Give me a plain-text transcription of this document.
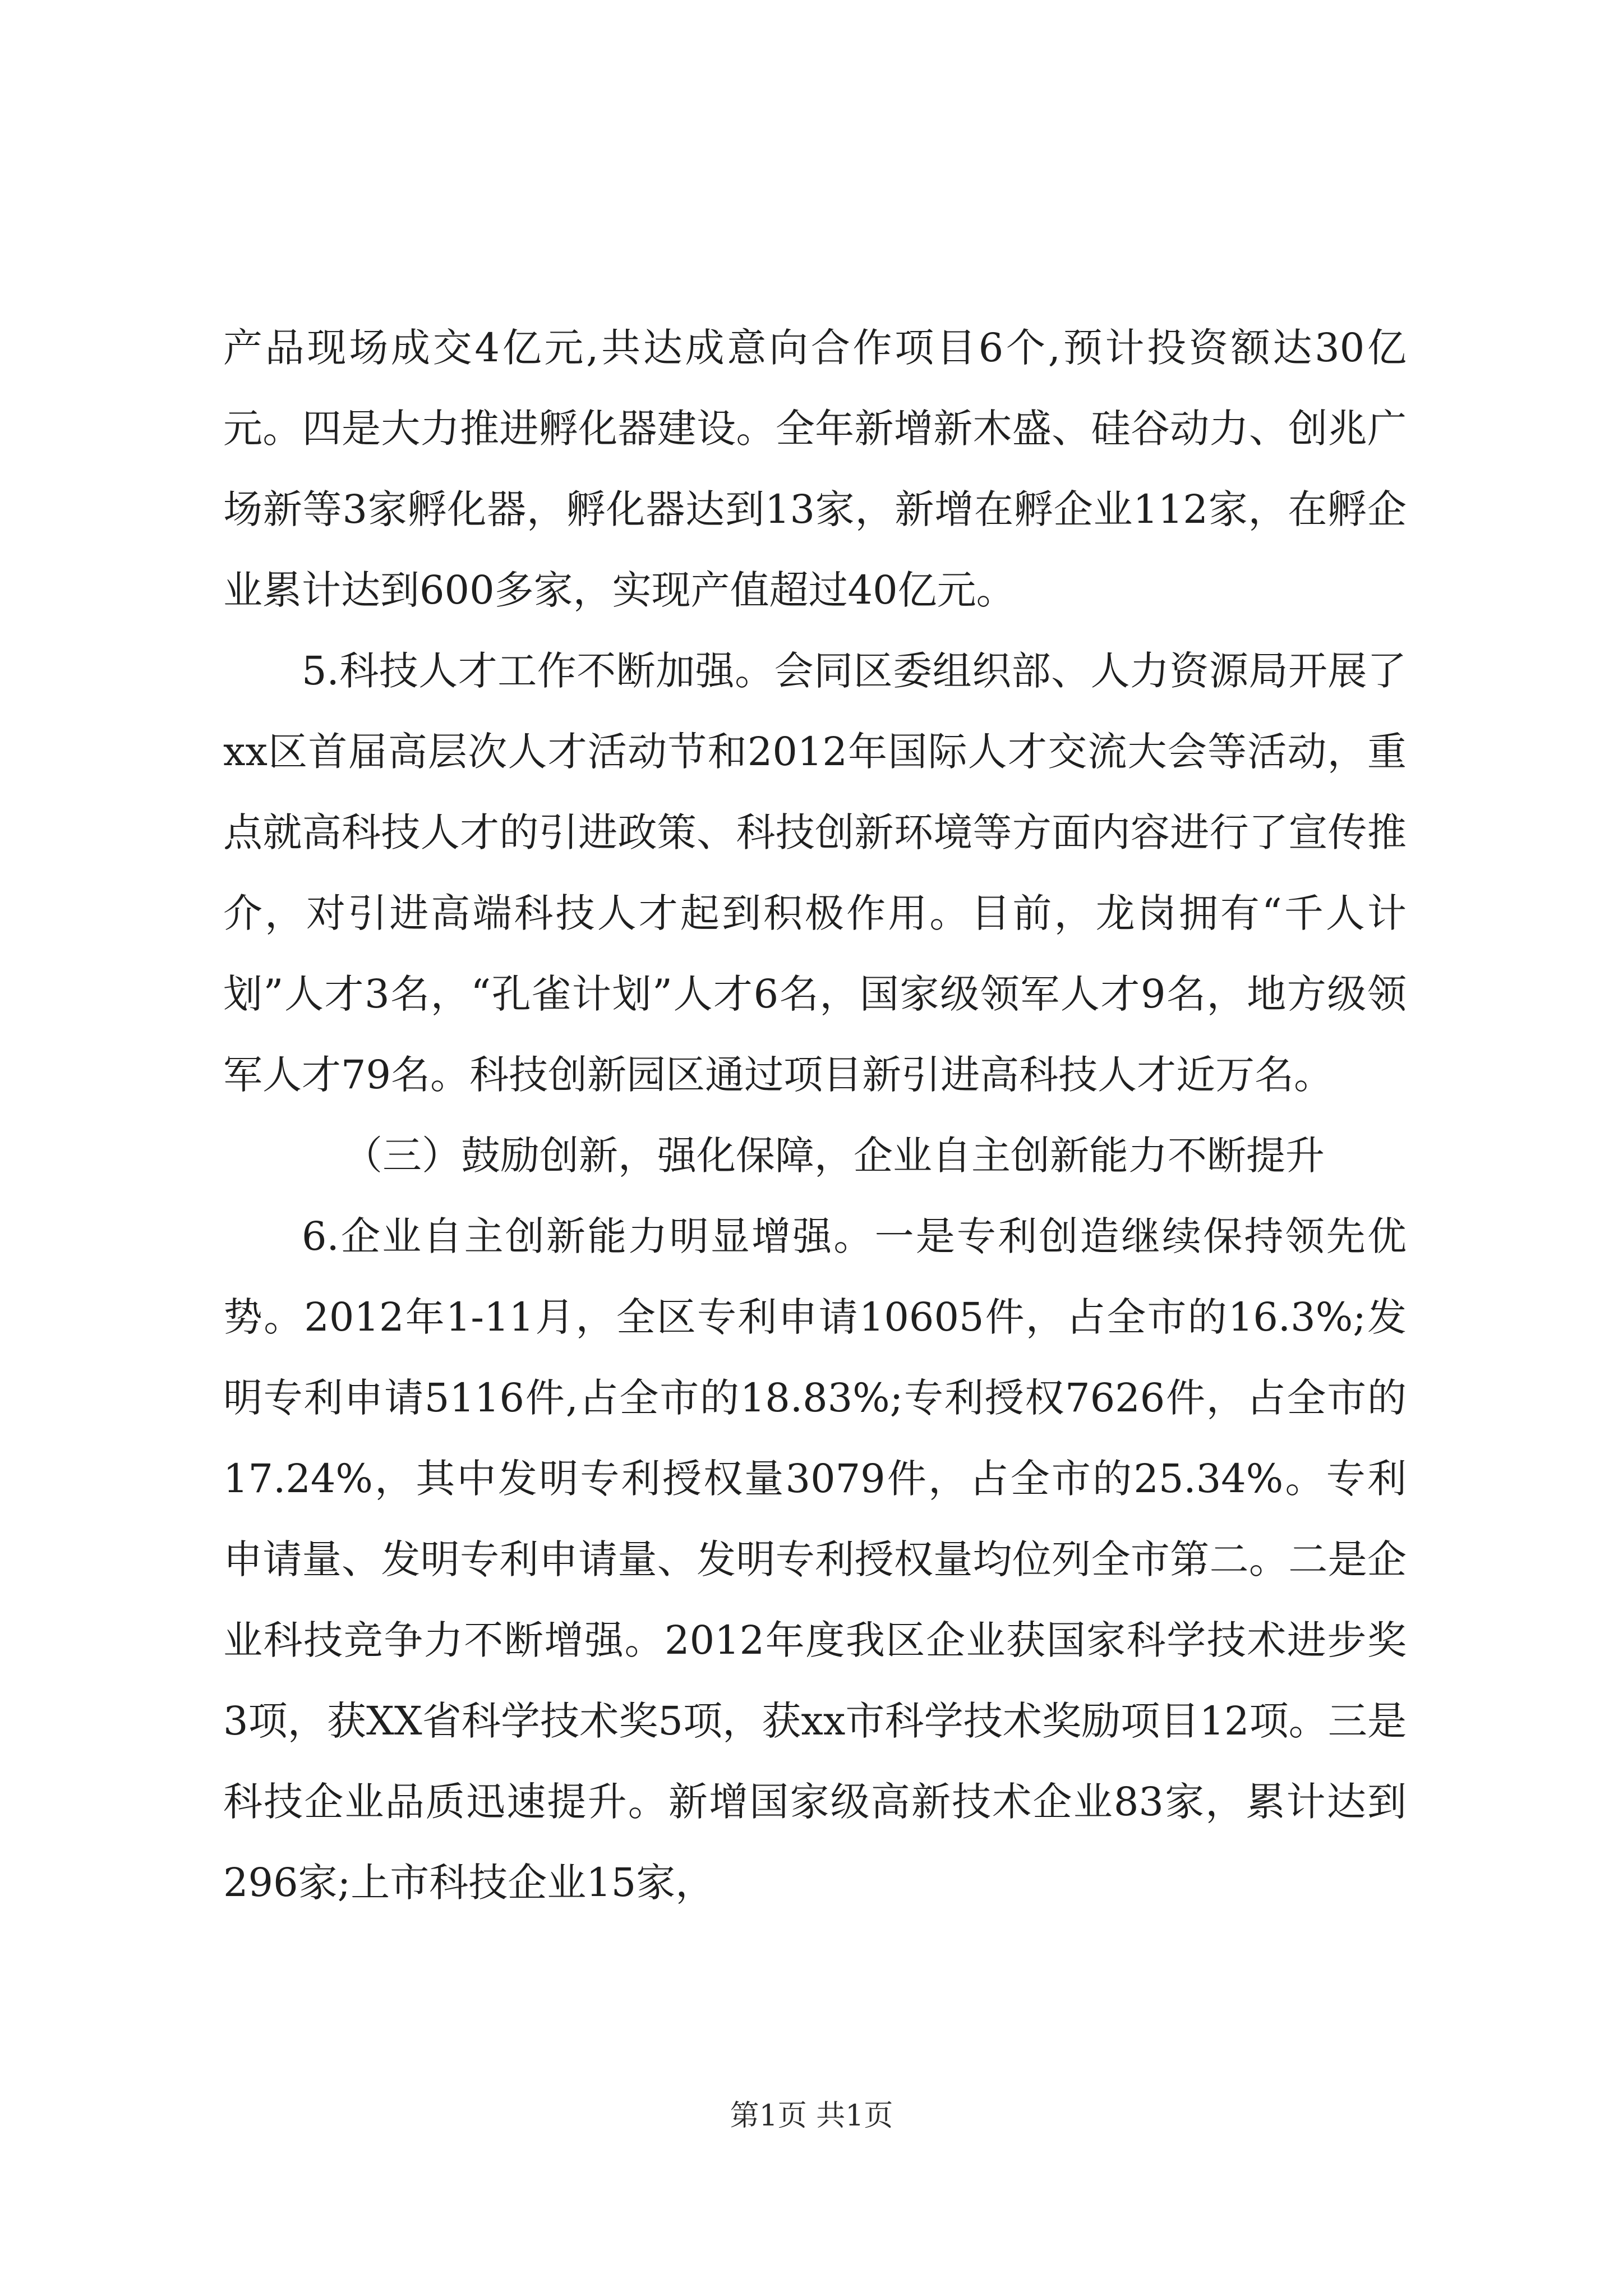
产品现场成交4亿元,共达成意向合作项目6个,预计投资额达30亿元。四是大力推进孵化器建设。全年新增新木盛、硅谷动力、创兆广场新等3家孵化器，孵化器达到13家，新增在孵企业112家，在孵企业累计达到600多家，实现产值超过40亿元。

5.科技人才工作不断加强。会同区委组织部、人力资源局开展了xx区首届高层次人才活动节和2012年国际人才交流大会等活动，重点就高科技人才的引进政策、科技创新环境等方面内容进行了宣传推介，对引进高端科技人才起到积极作用。目前，龙岗拥有“千人计划”人才3名，“孔雀计划”人才6名，国家级领军人才9名，地方级领军人才79名。科技创新园区通过项目新引进高科技人才近万名。

（三）鼓励创新，强化保障，企业自主创新能力不断提升

6.企业自主创新能力明显增强。一是专利创造继续保持领先优势。2012年1-11月，全区专利申请10605件，占全市的16.3%;发明专利申请5116件,占全市的18.83%;专利授权7626件，占全市的17.24%，其中发明专利授权量3079件，占全市的25.34%。专利申请量、发明专利申请量、发明专利授权量均位列全市第二。二是企业科技竞争力不断增强。2012年度我区企业获国家科学技术进步奖3项，获XX省科学技术奖5项，获xx市科学技术奖励项目12项。三是科技企业品质迅速提升。新增国家级高新技术企业83家，累计达到296家;上市科技企业15家，

第1页 共1页
